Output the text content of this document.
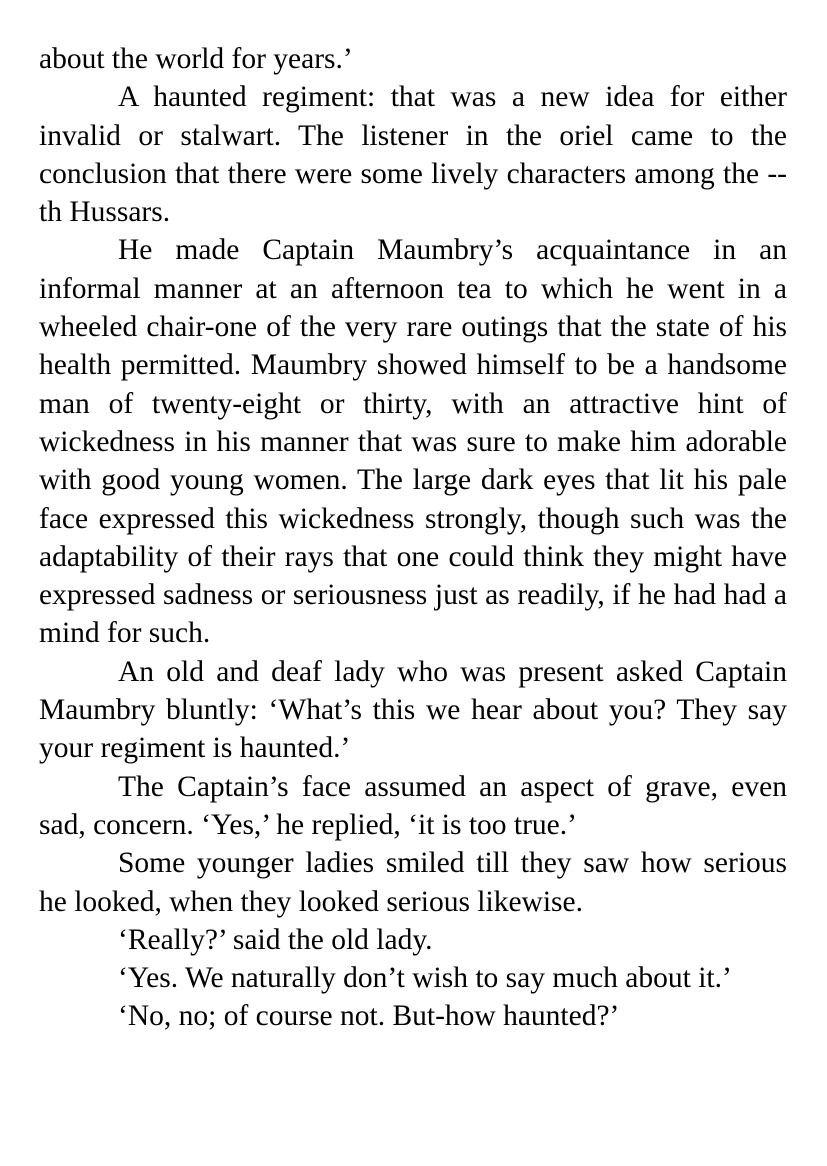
about the world for years.’

A haunted regiment: that was a new idea for either invalid or stalwart. The listener in the oriel came to the conclusion that there were some lively characters among the --th Hussars.

He made Captain Maumbry’s acquaintance in an informal manner at an afternoon tea to which he went in a wheeled chair-one of the very rare outings that the state of his health permitted. Maumbry showed himself to be a handsome man of twenty-eight or thirty, with an attractive hint of wickedness in his manner that was sure to make him adorable with good young women. The large dark eyes that lit his pale face expressed this wickedness strongly, though such was the adaptability of their rays that one could think they might have expressed sadness or seriousness just as readily, if he had had a mind for such.

An old and deaf lady who was present asked Captain Maumbry bluntly: ‘What’s this we hear about you? They say your regiment is haunted.’

The Captain’s face assumed an aspect of grave, even sad, concern. ‘Yes,’ he replied, ‘it is too true.’

Some younger ladies smiled till they saw how serious he looked, when they looked serious likewise.

‘Really?’ said the old lady.

‘Yes. We naturally don’t wish to say much about it.’

‘No, no; of course not. But-how haunted?’
